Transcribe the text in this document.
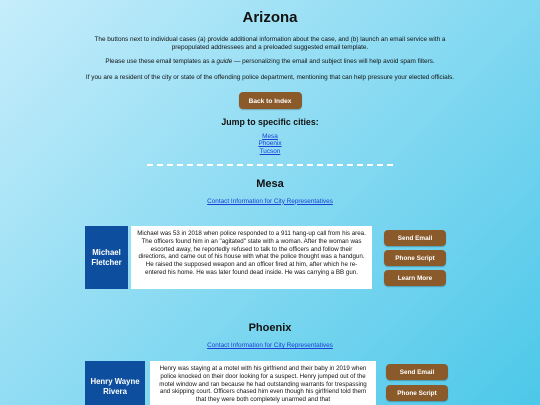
Arizona

The buttons next to individual cases (a) provide additional information about the case, and (b) launch an email service with a prepopulated addressees and a preloaded suggested email template.

Please use these email templates as a guide — personalizing the email and subject lines will help avoid spam filters.

If you are a resident of the city or state of the offending police department, mentioning that can help pressure your elected officials.

Back to Index
Jump to specific cities:
Mesa
Phoenix
Tucson
Mesa
Contact Information for City Representatives
Michael Fletcher
Michael was 53 in 2018 when police responded to a 911 hang-up call from his area. The officers found him in an "agitated" state with a woman. After the woman was escorted away, he reportedly refused to talk to the officers and follow their directions, and came out of his house with what the police thought was a handgun. He raised the supposed weapon and an officer fired at him, after which he re-entered his home. He was later found dead inside. He was carrying a BB gun.
Send Email
Phone Script
Learn More
Phoenix
Contact Information for City Representatives
Henry Wayne Rivera
Henry was staying at a motel with his girlfriend and their baby in 2019 when police knocked on their door looking for a suspect. Henry jumped out of the motel window and ran because he had outstanding warrants for trespassing and skipping court. Officers chased him even though his girlfriend told them that they were both completely unarmed and that
Send Email
Phone Script
